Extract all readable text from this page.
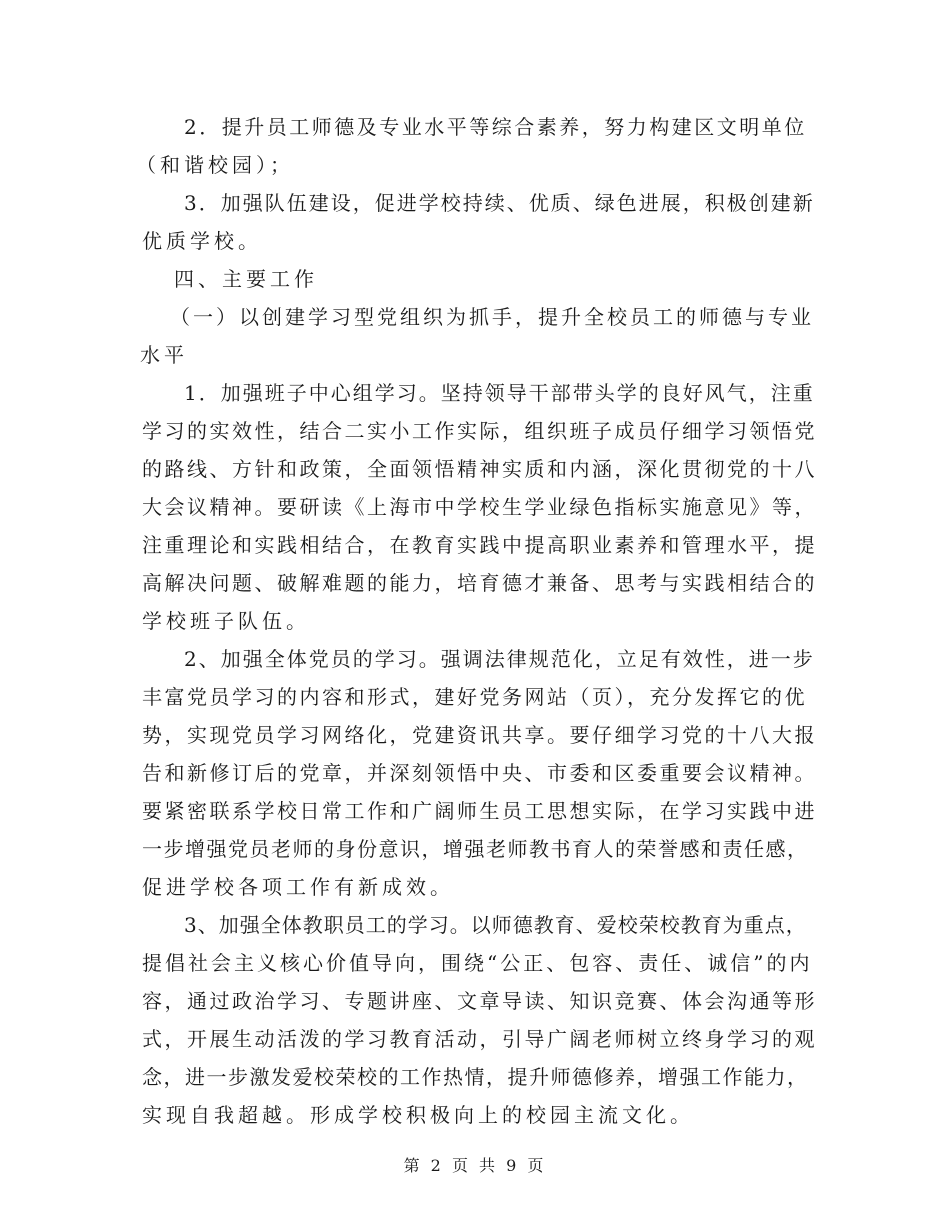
2．提升员工师德及专业水平等综合素养，努力构建区文明单位
（和谐校园）；
3．加强队伍建设，促进学校持续、优质、绿色进展，积极创建新
优质学校。
四、主要工作
（一）以创建学习型党组织为抓手，提升全校员工的师德与专业
水平
1．加强班子中心组学习。坚持领导干部带头学的良好风气，注重
学习的实效性，结合二实小工作实际，组织班子成员仔细学习领悟党
的路线、方针和政策，全面领悟精神实质和内涵，深化贯彻党的十八
大会议精神。要研读《上海市中学校生学业绿色指标实施意见》等，
注重理论和实践相结合，在教育实践中提高职业素养和管理水平，提
高解决问题、破解难题的能力，培育德才兼备、思考与实践相结合的
学校班子队伍。
2、加强全体党员的学习。强调法律规范化，立足有效性，进一步
丰富党员学习的内容和形式，建好党务网站（页），充分发挥它的优
势，实现党员学习网络化，党建资讯共享。要仔细学习党的十八大报
告和新修订后的党章，并深刻领悟中央、市委和区委重要会议精神。
要紧密联系学校日常工作和广阔师生员工思想实际，在学习实践中进
一步增强党员老师的身份意识，增强老师教书育人的荣誉感和责任感，
促进学校各项工作有新成效。
3、加强全体教职员工的学习。以师德教育、爱校荣校教育为重点，
提倡社会主义核心价值导向，围绕“公正、包容、责任、诚信”的内
容，通过政治学习、专题讲座、文章导读、知识竞赛、体会沟通等形
式，开展生动活泼的学习教育活动，引导广阔老师树立终身学习的观
念，进一步激发爱校荣校的工作热情，提升师德修养，增强工作能力，
实现自我超越。形成学校积极向上的校园主流文化。
第 2 页 共 9 页
